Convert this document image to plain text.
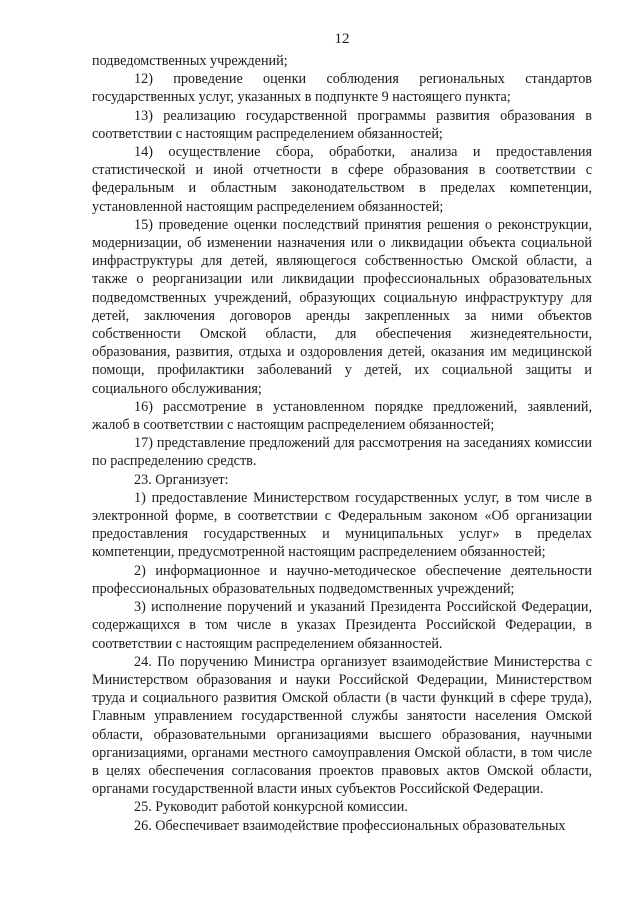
12

подведомственных учреждений;

12) проведение оценки соблюдения региональных стандартов государственных услуг, указанных в подпункте 9 настоящего пункта;

13) реализацию государственной программы развития образования в соответствии с настоящим распределением обязанностей;

14) осуществление сбора, обработки, анализа и предоставления статистической и иной отчетности в сфере образования в соответствии с федеральным и областным законодательством в пределах компетенции, установленной настоящим распределением обязанностей;

15) проведение оценки последствий принятия решения о реконструкции, модернизации, об изменении назначения или о ликвидации объекта социальной инфраструктуры для детей, являющегося собственностью Омской области, а также о реорганизации или ликвидации профессиональных образовательных подведомственных учреждений, образующих социальную инфраструктуру для детей, заключения договоров аренды закрепленных за ними объектов собственности Омской области, для обеспечения жизнедеятельности, образования, развития, отдыха и оздоровления детей, оказания им медицинской помощи, профилактики заболеваний у детей, их социальной защиты и социального обслуживания;

16) рассмотрение в установленном порядке предложений, заявлений, жалоб в соответствии с настоящим распределением обязанностей;

17) представление предложений для рассмотрения на заседаниях комиссии по распределению средств.

23. Организует:

1) предоставление Министерством государственных услуг, в том числе в электронной форме, в соответствии с Федеральным законом «Об организации предоставления государственных и муниципальных услуг» в пределах компетенции, предусмотренной настоящим распределением обязанностей;

2) информационное и научно-методическое обеспечение деятельности профессиональных образовательных подведомственных учреждений;

3) исполнение поручений и указаний Президента Российской Федерации, содержащихся в том числе в указах Президента Российской Федерации, в соответствии с настоящим распределением обязанностей.

24. По поручению Министра организует взаимодействие Министерства с Министерством образования и науки Российской Федерации, Министерством труда и социального развития Омской области (в части функций в сфере труда), Главным управлением государственной службы занятости населения Омской области, образовательными организациями высшего образования, научными организациями, органами местного самоуправления Омской области, в том числе в целях обеспечения согласования проектов правовых актов Омской области, органами государственной власти иных субъектов Российской Федерации.

25. Руководит работой конкурсной комиссии.

26. Обеспечивает взаимодействие профессиональных образовательных
